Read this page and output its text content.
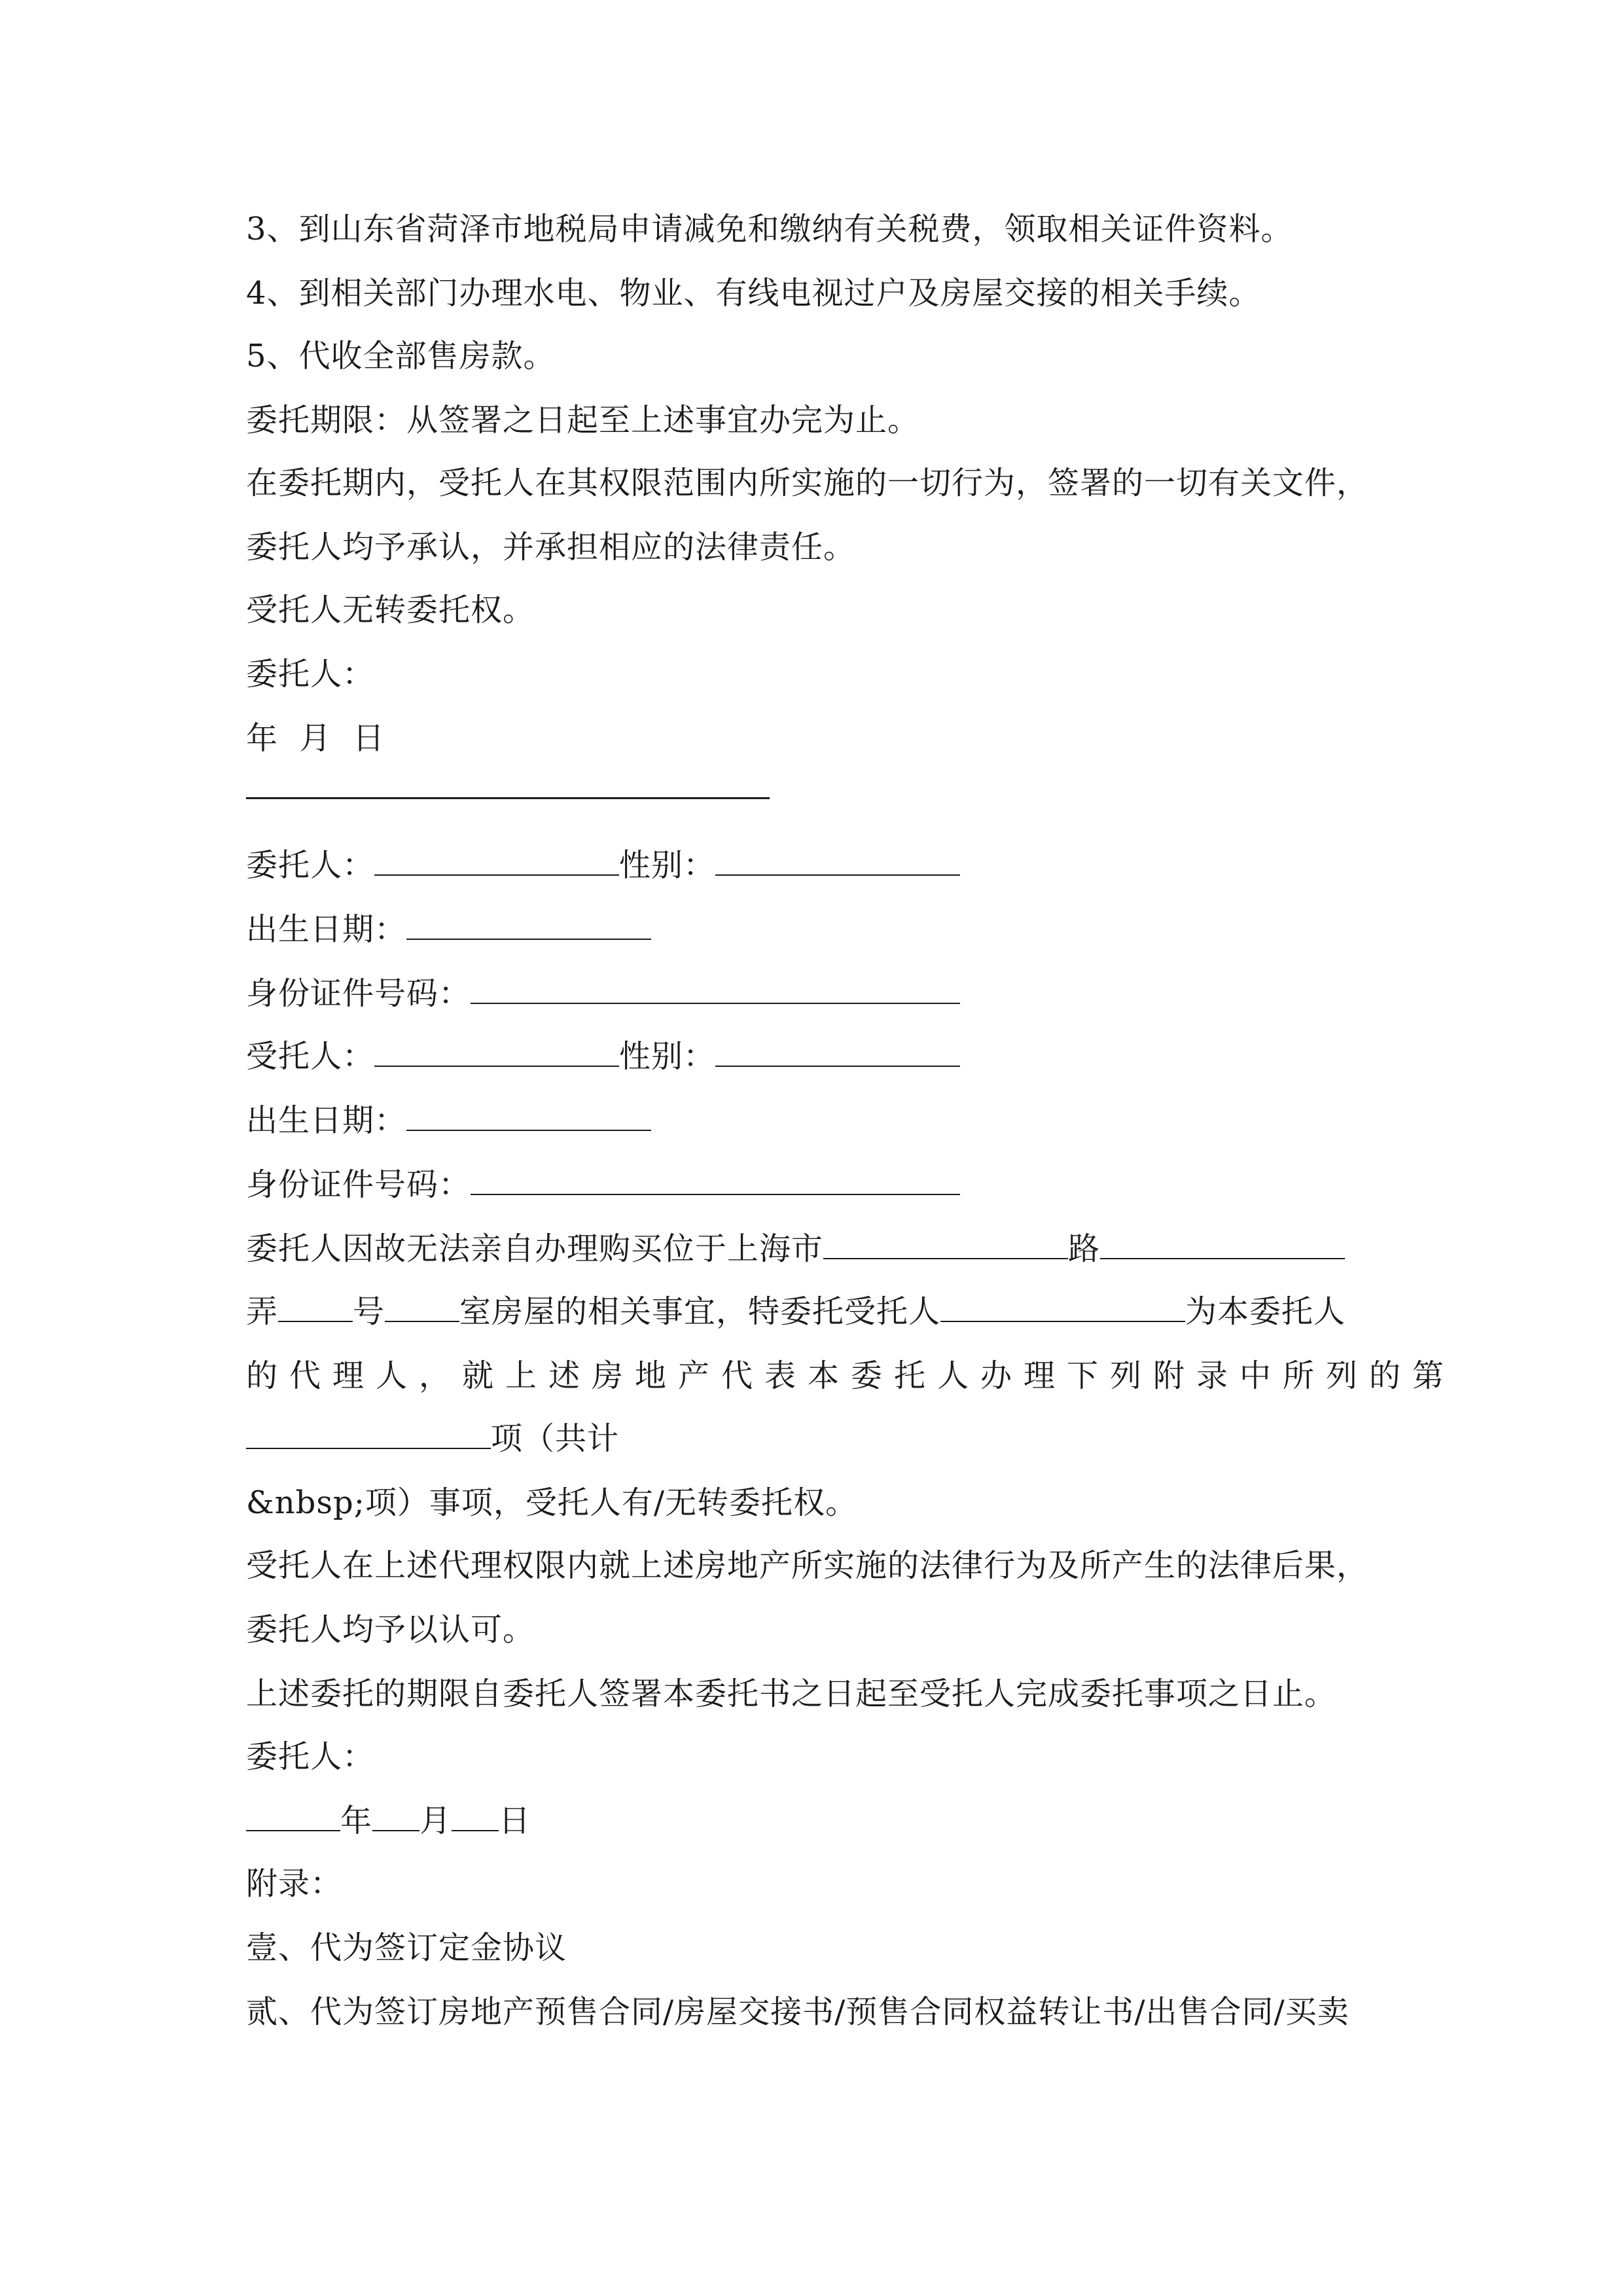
3、到山东省菏泽市地税局申请减免和缴纳有关税费，领取相关证件资料。
4、到相关部门办理水电、物业、有线电视过户及房屋交接的相关手续。
5、代收全部售房款。
委托期限：从签署之日起至上述事宜办完为止。
在委托期内，受托人在其权限范围内所实施的一切行为，签署的一切有关文件，
委托人均予承认，并承担相应的法律责任。
受托人无转委托权。
委托人：
年  月  日
委托人：	性别：
出生日期：
身份证件号码：
受托人：	性别：
出生日期：
身份证件号码：
委托人因故无法亲自办理购买位于上海市	路
弄 号 室房屋的相关事宜，特委托受托人	为本委托人
的代理人，就上述房地产代表本委托人办理下列附录中所列的第
项（共计
&nbsp;项）事项，受托人有/无转委托权。
受托人在上述代理权限内就上述房地产所实施的法律行为及所产生的法律后果，
委托人均予以认可。
上述委托的期限自委托人签署本委托书之日起至受托人完成委托事项之日止。
委托人：
年 月 日
附录：
壹、代为签订定金协议
贰、代为签订房地产预售合同/房屋交接书/预售合同权益转让书/出售合同/买卖
